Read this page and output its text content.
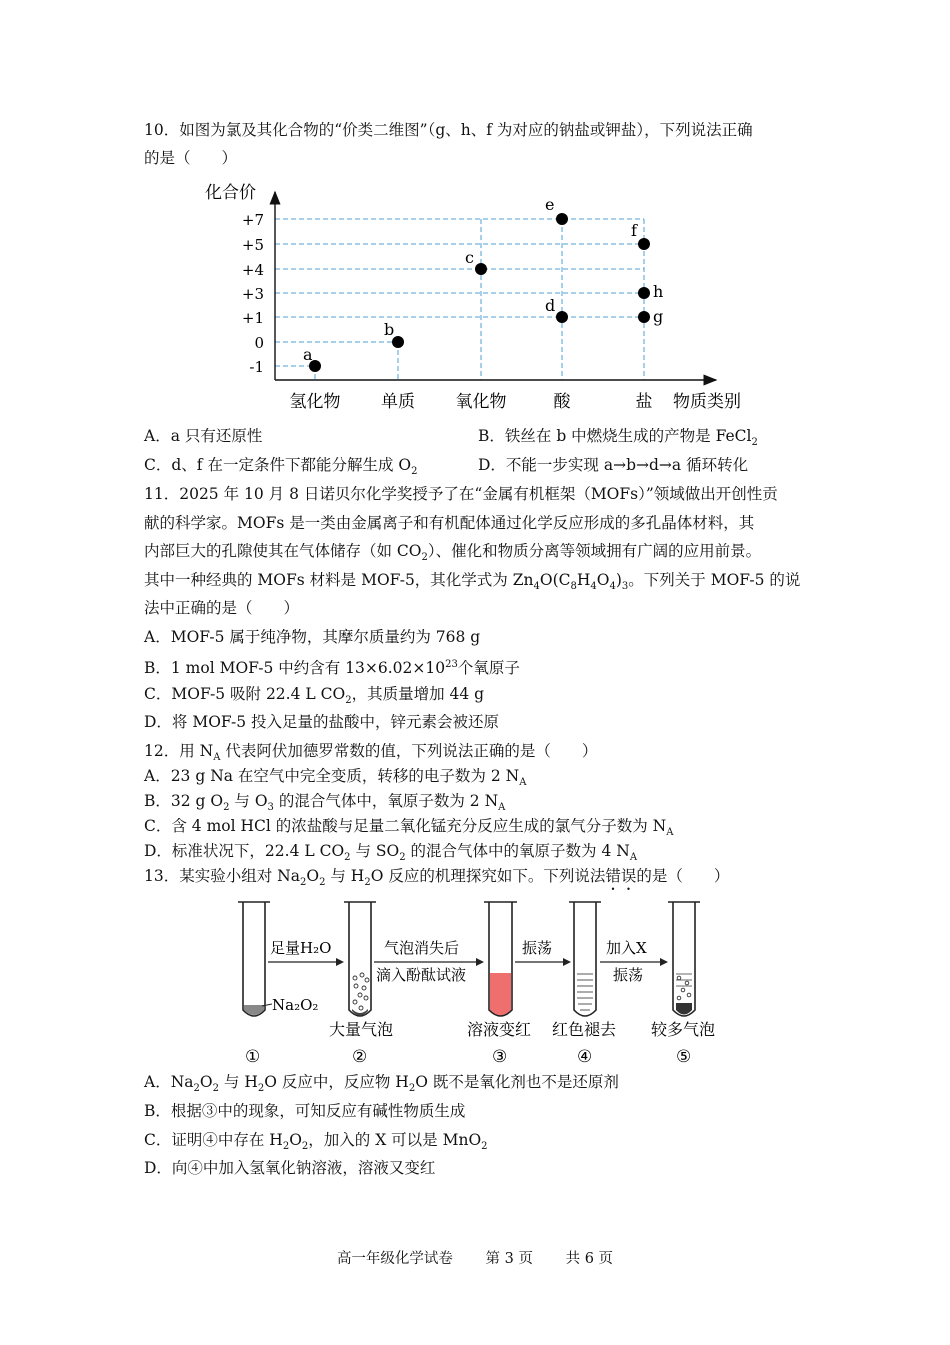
10．如图为氯及其化合物的“价类二维图”（g、h、f 为对应的钠盐或钾盐），下列说法正确
的是（　　）
化合价
物质类别
+7
+5
+4
+3
+1
0
-1
氢化物 单质 氧化物	酸	盐
a
b
c
d
e
f
h
g
A．a 只有还原性	B．铁丝在 b 中燃烧生成的产物是 FeCl$_2$
C．d、f 在一定条件下都能分解生成 $O_2$	D．不能一步实现 a→b→d→a 循环转化
11．2025 年 10 月 8 日诺贝尔化学奖授予了在“金属有机框架（MOFs）”领域做出开创性贡
献的科学家。MOFs 是一类由金属离子和有机配体通过化学反应形成的多孔晶体材料，其
内部巨大的孔隙使其在气体储存（如 $CO_2$）、催化和物质分离等领域拥有广阔的应用前景。
其中一种经典的 MOFs 材料是 MOF-5，其化学式为 $Zn_4O(C_8H_4O_4)_3$。下列关于 MOF-5 的说
法中正确的是（　　）
A．MOF-5 属于纯净物，其摩尔质量约为 768 g
B．1 mol MOF-5 中约含有 $13\times 6.02\times 10^{23}$个氧原子
C．MOF-5 吸附 22.4 L $CO_2$，其质量增加 44 g
D．将 MOF-5 投入足量的盐酸中，锌元素会被还原
12．用 $N_A$ 代表阿伏加德罗常数的值，下列说法正确的是（　　）
A．23 g Na 在空气中完全变质，转移的电子数为 2 $N_A$
B．32 g $O_2$ 与 $O_3$ 的混合气体中，氧原子数为 2 $N_A$
C．含 4 mol HCl 的浓盐酸与足量二氧化锰充分反应生成的氯气分子数为 $N_A$
D．标准状况下，22.4 L $CO_2$ 与 $SO_2$ 的混合气体中的氧原子数为 4 $N_A$
13．某实验小组对 $Na_2O_2$ 与 $H_2O$ 反应的机理探究如下。下列说法错误的是（　　）
Na₂O₂
足量H₂O
大量气泡
气泡消失后
滴入酚酞试液
溶液变红
振荡
红色褪去
加入X
振荡
较多气泡
①	②	③	④	⑤
A．$Na_2O_2$ 与 $H_2O$ 反应中，反应物 $H_2O$ 既不是氧化剂也不是还原剂
B．根据③中的现象，可知反应有碱性物质生成
C．证明④中存在 $H_2O_2$，加入的 X 可以是 MnO$_2$
D．向④中加入氢氧化钠溶液，溶液又变红
高一年级化学试卷 第 3 页 共 6 页
